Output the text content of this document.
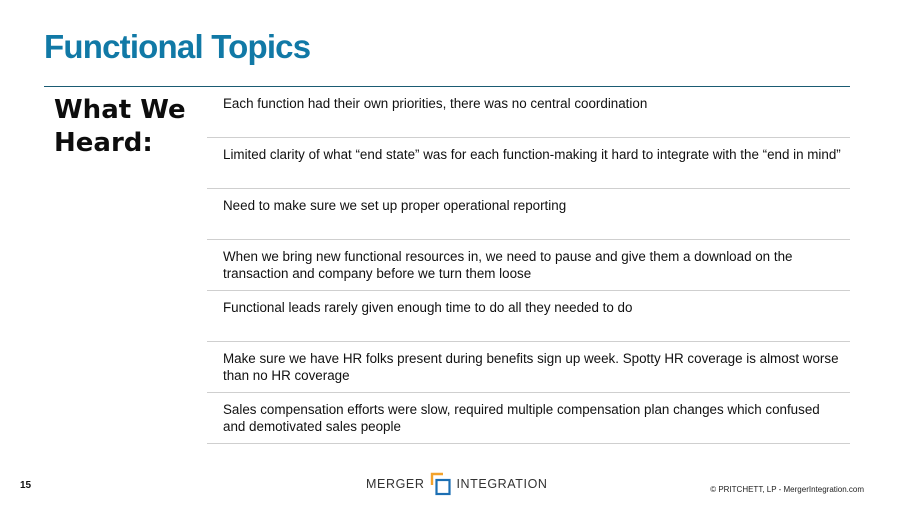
Functional Topics
What We
Heard:
Each function had their own priorities, there was no central coordination
Limited clarity of what “end state” was for each function-making it hard to integrate with the “end in mind”
Need to make sure we set up proper operational reporting
When we bring new functional resources in, we need to pause and give them a download on the transaction and company before we turn them loose
Functional leads rarely given enough time to do all they needed to do
Make sure we have HR folks present during benefits sign up week. Spotty HR coverage is almost worse than no HR coverage
Sales compensation efforts were slow, required multiple compensation plan changes which confused and demotivated sales people
15	MERGER	INTEGRATION	© PRITCHETT, LP - MergerIntegration.com
